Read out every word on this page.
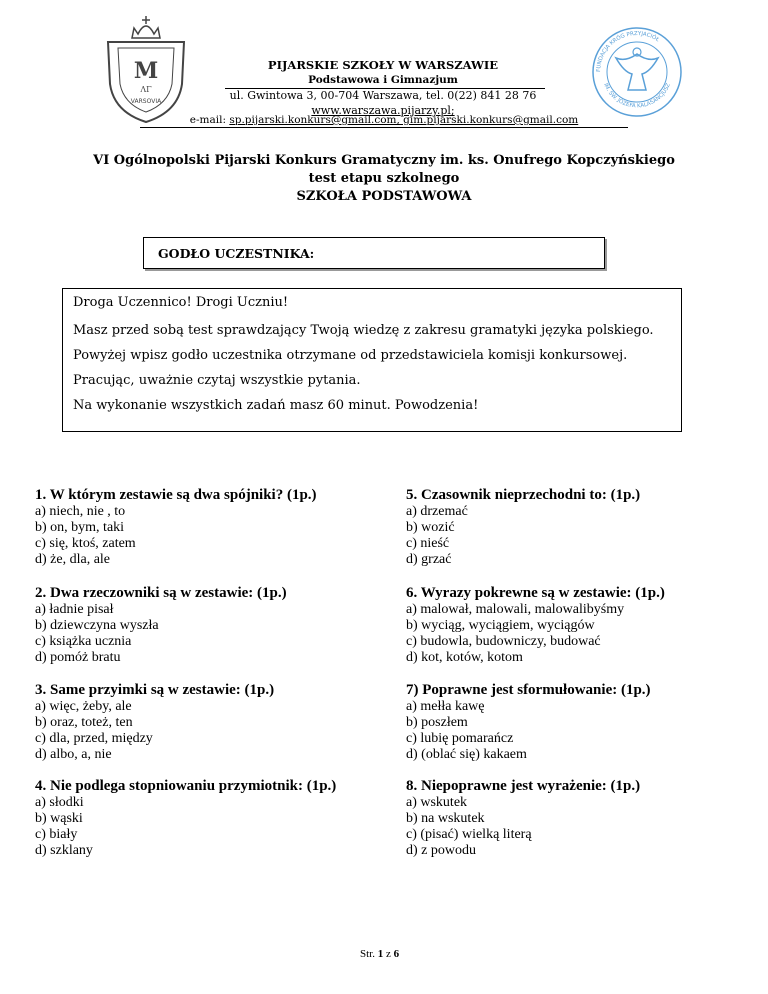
M
ΛΓ
VARSOVIA
FUNDACJA KRÓG PRZYJACIÓŁ
IM. ŚW. JÓZEFA KALASANCJUSZ
PIJARSKIE SZKOŁY W WARSZAWIE
Podstawowa i Gimnazjum
ul. Gwintowa 3, 00-704 Warszawa, tel. 0(22) 841 28 76
www.warszawa.pijarzy.pl;
e-mail: sp.pijarski.konkurs@gmail.com, gim.pijarski.konkurs@gmail.com
VI Ogólnopolski Pijarski Konkurs Gramatyczny im. ks. Onufrego Kopczyńskiego
test etapu szkolnego
SZKOŁA PODSTAWOWA
GODŁO UCZESTNIKA:

Droga Uczennico! Drogi Uczniu!

Masz przed sobą test sprawdzający Twoją wiedzę z zakresu gramatyki języka polskiego.

Powyżej wpisz godło uczestnika otrzymane od przedstawiciela komisji konkursowej.

Pracując, uważnie czytaj wszystkie pytania.

Na wykonanie wszystkich zadań masz 60 minut. Powodzenia!

1. W którym zestawie są dwa spójniki? (1p.)
a) niech, nie , to
b) on, bym, taki
c) się, ktoś, zatem
d) że, dla, ale
2. Dwa rzeczowniki są w zestawie: (1p.)
a) ładnie pisał
b) dziewczyna wyszła
c) książka ucznia
d) pomóż bratu
3. Same przyimki są w zestawie: (1p.)
a) więc, żeby, ale
b) oraz, toteż, ten
c) dla, przed, między
d) albo, a, nie
4. Nie podlega stopniowaniu przymiotnik: (1p.)
a) słodki
b) wąski
c) biały
d) szklany
5. Czasownik nieprzechodni to: (1p.)
a) drzemać
b) wozić
c) nieść
d) grzać
6. Wyrazy pokrewne są w zestawie: (1p.)
a) malował, malowali, malowalibyśmy
b) wyciąg, wyciągiem, wyciągów
c) budowla, budowniczy, budować
d) kot, kotów, kotom
7) Poprawne jest sformułowanie: (1p.)
a) mełła kawę
b) poszłem
c) lubię pomarańcz
d) (oblać się) kakaem
8. Niepoprawne jest wyrażenie: (1p.)
a) wskutek
b) na wskutek
c) (pisać) wielką literą
d) z powodu
Str. 1 z 6
